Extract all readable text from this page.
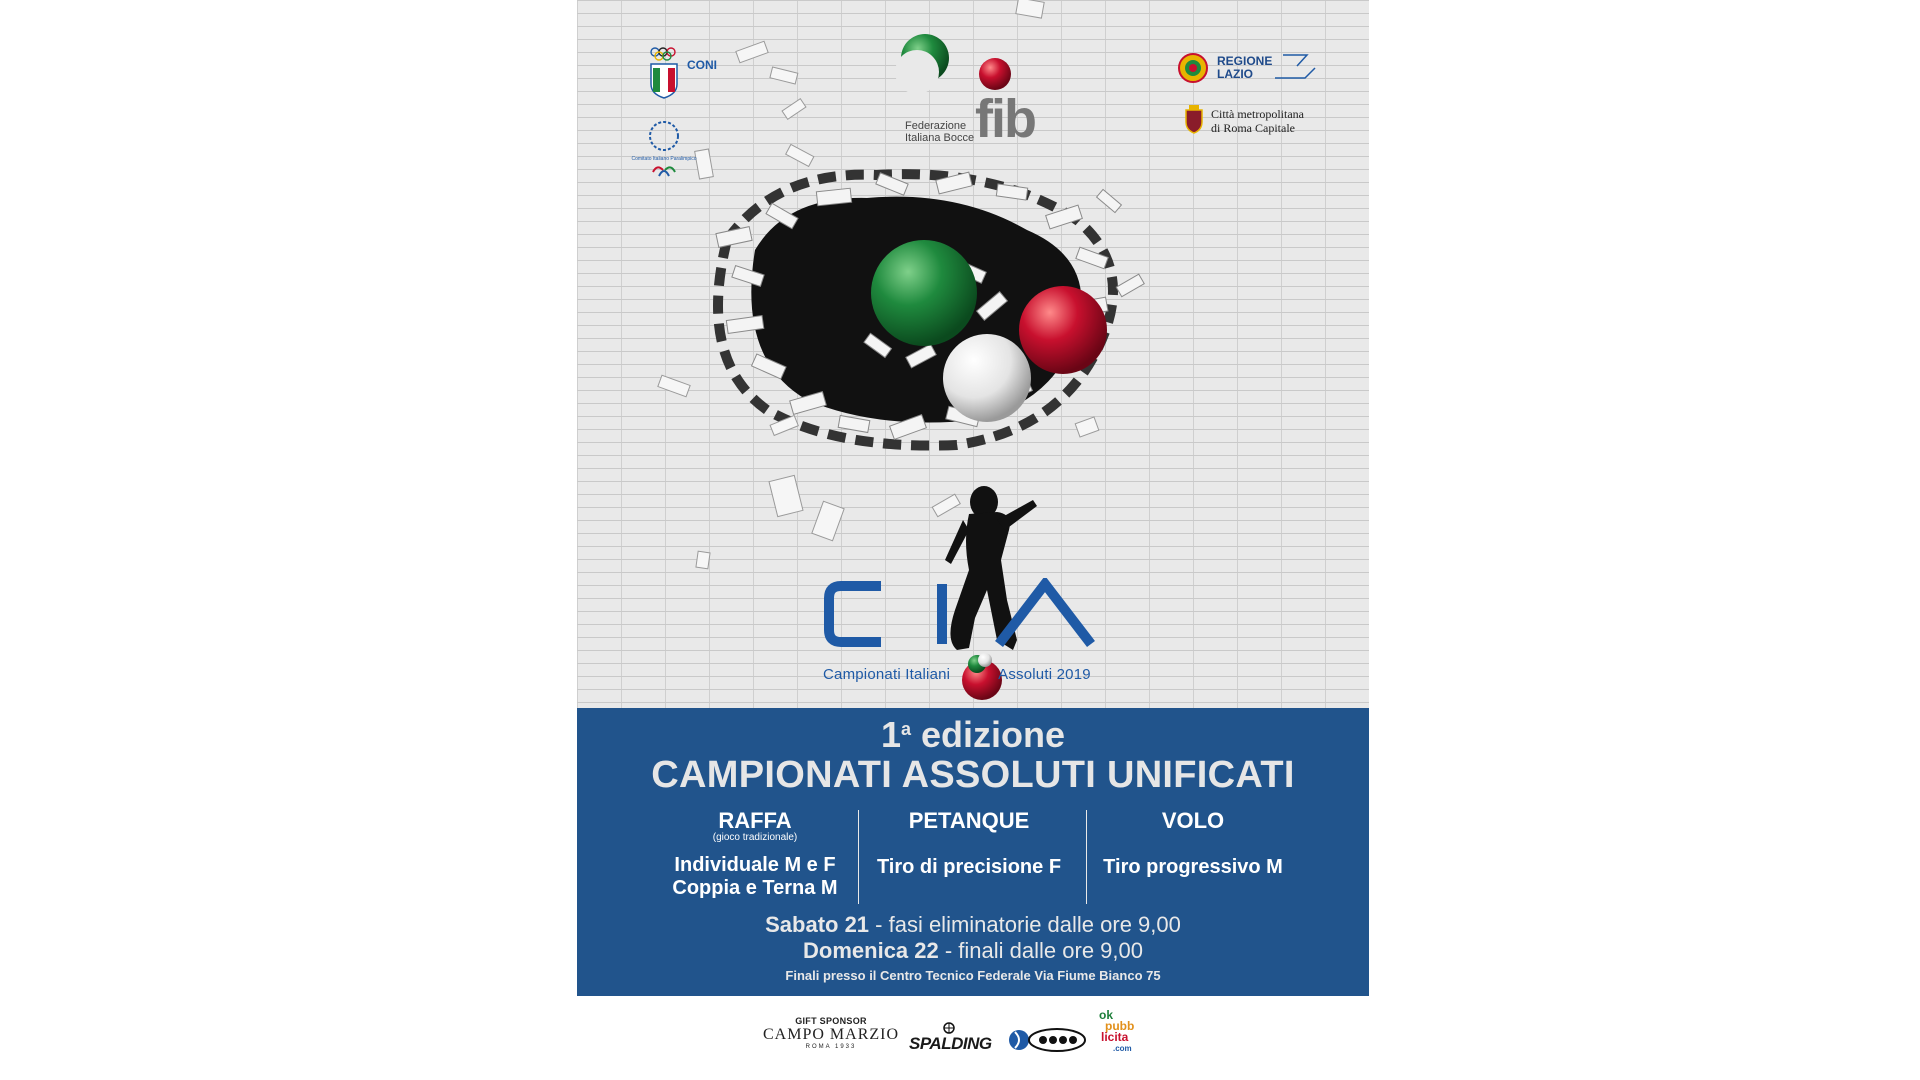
CONI
Comitato Italiano Paralimpico
Federazione
Italiana Bocce fib
REGIONE
LAZIO
Città metropolitana
di Roma Capitale
Campionati Italiani	Assoluti 2019
1$^a$ edizione
CAMPIONATI ASSOLUTI UNIFICATI
RAFFA
(gioco tradizionale)
Individuale M e F
Coppia e Terna M
PETANQUE
Tiro di precisione F
VOLO
Tiro progressivo M
Sabato 21 - fasi eliminatorie dalle ore 9,00
Domenica 22 - finali dalle ore 9,00
Finali presso il Centro Tecnico Federale Via Fiume Bianco 75
GIFT SPONSOR
CAMPO MARZIO
ROMA 1933	SPALDING
ok
pubb
licita
.com
